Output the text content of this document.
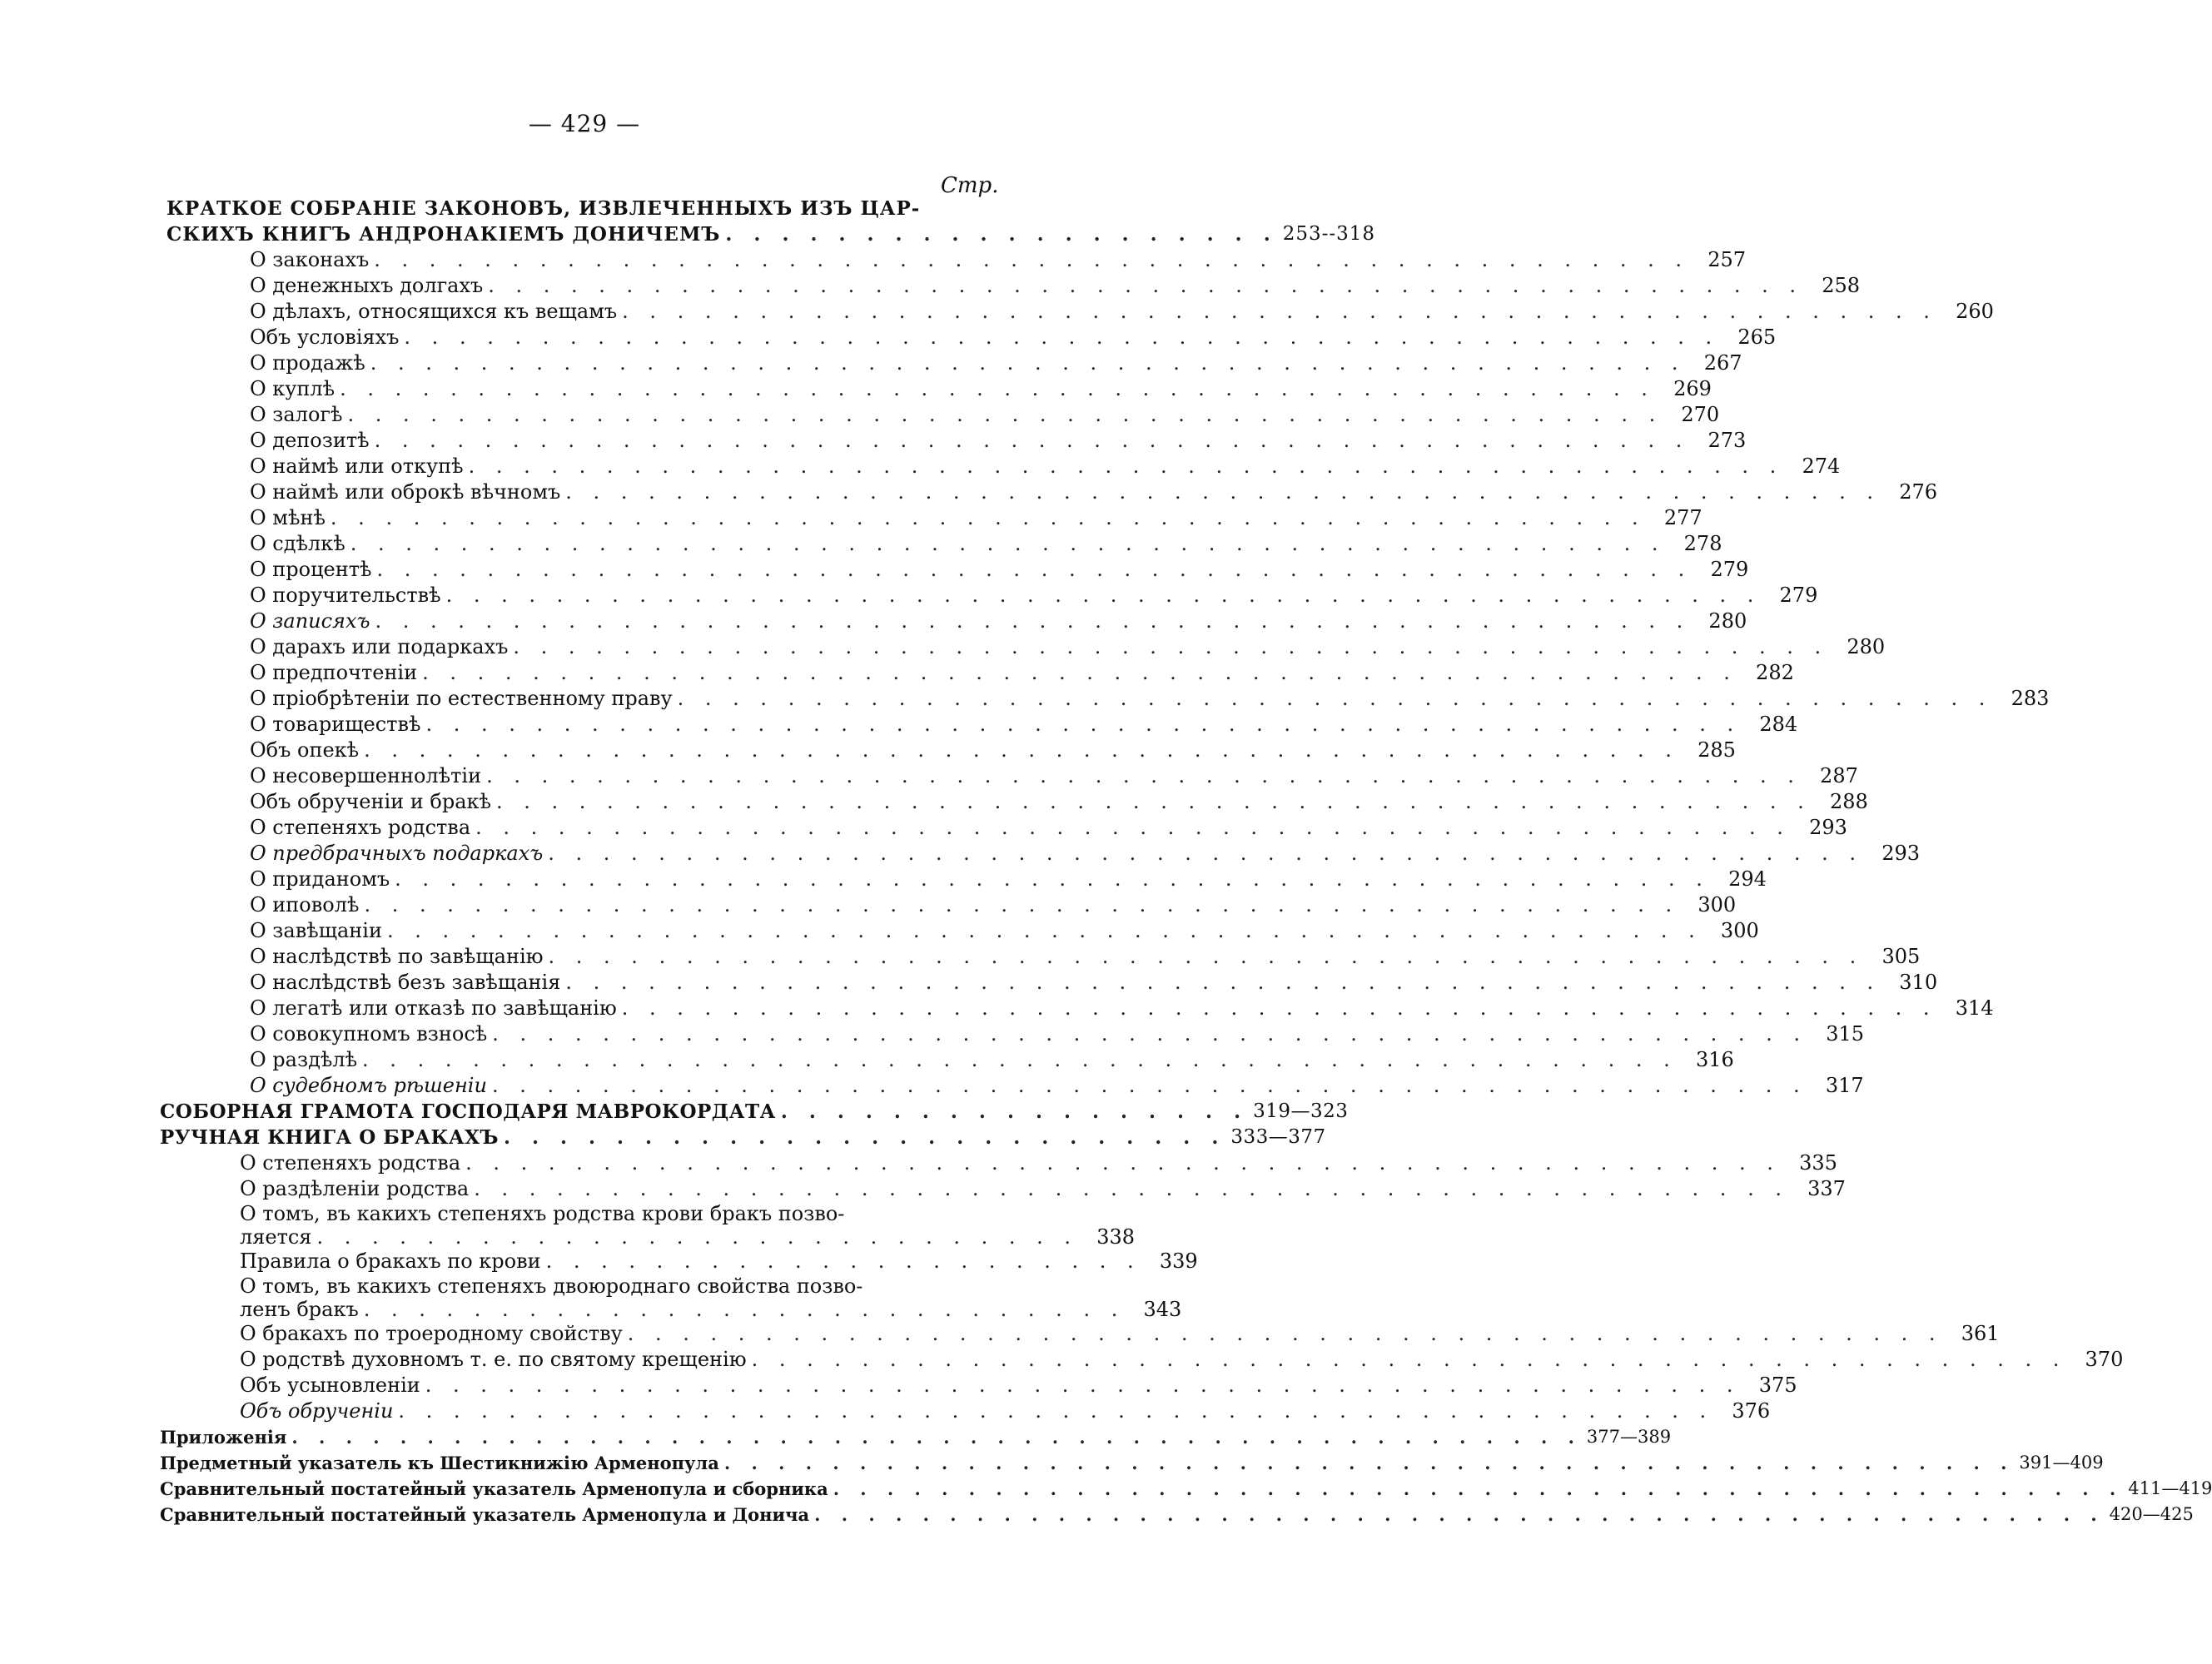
— 429 —
Стр.
КРАТКОЕ СОБРАНІЕ ЗАКОНОВЪ, ИЗВЛЕЧЕННЫХЪ ИЗЪ ЦАР-
СКИХЪ КНИГЪ АНДРОНАКІЕМЪ ДОНИЧЕМЪ . . . . . . . . . . . . . . . . . . . . 253--318
О законахъ . . . . . . . . . . . . . . . . . . . . . . . . . . . . . . . . . . . . . . . . . . . . . . . . 257
О денежныхъ долгахъ . . . . . . . . . . . . . . . . . . . . . . . . . . . . . . . . . . . . . . . . . . . . . . . . 258
О дѣлахъ, относящихся къ вещамъ . . . . . . . . . . . . . . . . . . . . . . . . . . . . . . . . . . . . . . . . . . . . . . . . 260
Объ условіяхъ . . . . . . . . . . . . . . . . . . . . . . . . . . . . . . . . . . . . . . . . . . . . . . . . 265
О продажѣ . . . . . . . . . . . . . . . . . . . . . . . . . . . . . . . . . . . . . . . . . . . . . . . . 267
О куплѣ . . . . . . . . . . . . . . . . . . . . . . . . . . . . . . . . . . . . . . . . . . . . . . . . 269
О залогѣ . . . . . . . . . . . . . . . . . . . . . . . . . . . . . . . . . . . . . . . . . . . . . . . . 270
О депозитѣ . . . . . . . . . . . . . . . . . . . . . . . . . . . . . . . . . . . . . . . . . . . . . . . . 273
О наймѣ или откупѣ . . . . . . . . . . . . . . . . . . . . . . . . . . . . . . . . . . . . . . . . . . . . . . . . 274
О наймѣ или оброкѣ вѣчномъ . . . . . . . . . . . . . . . . . . . . . . . . . . . . . . . . . . . . . . . . . . . . . . . . 276
О мѣнѣ . . . . . . . . . . . . . . . . . . . . . . . . . . . . . . . . . . . . . . . . . . . . . . . . 277
О сдѣлкѣ . . . . . . . . . . . . . . . . . . . . . . . . . . . . . . . . . . . . . . . . . . . . . . . . 278
О процентѣ . . . . . . . . . . . . . . . . . . . . . . . . . . . . . . . . . . . . . . . . . . . . . . . . 279
О поручительствѣ . . . . . . . . . . . . . . . . . . . . . . . . . . . . . . . . . . . . . . . . . . . . . . . . 279
О записяхъ . . . . . . . . . . . . . . . . . . . . . . . . . . . . . . . . . . . . . . . . . . . . . . . . 280
О дарахъ или подаркахъ . . . . . . . . . . . . . . . . . . . . . . . . . . . . . . . . . . . . . . . . . . . . . . . . 280
О предпочтеніи . . . . . . . . . . . . . . . . . . . . . . . . . . . . . . . . . . . . . . . . . . . . . . . . 282
О пріобрѣтеніи по естественному праву . . . . . . . . . . . . . . . . . . . . . . . . . . . . . . . . . . . . . . . . . . . . . . . . 283
О товариществѣ . . . . . . . . . . . . . . . . . . . . . . . . . . . . . . . . . . . . . . . . . . . . . . . . 284
Объ опекѣ . . . . . . . . . . . . . . . . . . . . . . . . . . . . . . . . . . . . . . . . . . . . . . . . 285
О несовершеннолѣтіи . . . . . . . . . . . . . . . . . . . . . . . . . . . . . . . . . . . . . . . . . . . . . . . . 287
Объ обрученіи и бракѣ . . . . . . . . . . . . . . . . . . . . . . . . . . . . . . . . . . . . . . . . . . . . . . . . 288
О степеняхъ родства . . . . . . . . . . . . . . . . . . . . . . . . . . . . . . . . . . . . . . . . . . . . . . . . 293
О предбрачныхъ подаркахъ . . . . . . . . . . . . . . . . . . . . . . . . . . . . . . . . . . . . . . . . . . . . . . . . 293
О приданомъ . . . . . . . . . . . . . . . . . . . . . . . . . . . . . . . . . . . . . . . . . . . . . . . . 294
О иповолѣ . . . . . . . . . . . . . . . . . . . . . . . . . . . . . . . . . . . . . . . . . . . . . . . . 300
О завѣщаніи . . . . . . . . . . . . . . . . . . . . . . . . . . . . . . . . . . . . . . . . . . . . . . . . 300
О наслѣдствѣ по завѣщанію . . . . . . . . . . . . . . . . . . . . . . . . . . . . . . . . . . . . . . . . . . . . . . . . 305
О наслѣдствѣ безъ завѣщанія . . . . . . . . . . . . . . . . . . . . . . . . . . . . . . . . . . . . . . . . . . . . . . . . 310
О легатѣ или отказѣ по завѣщанію . . . . . . . . . . . . . . . . . . . . . . . . . . . . . . . . . . . . . . . . . . . . . . . . 314
О совокупномъ взносѣ . . . . . . . . . . . . . . . . . . . . . . . . . . . . . . . . . . . . . . . . . . . . . . . . 315
О раздѣлѣ . . . . . . . . . . . . . . . . . . . . . . . . . . . . . . . . . . . . . . . . . . . . . . . . 316
О судебномъ рѣшеніи . . . . . . . . . . . . . . . . . . . . . . . . . . . . . . . . . . . . . . . . . . . . . . . . 317
СОБОРНАЯ ГРАМОТА ГОСПОДАРЯ МАВРОКОРДАТА . . . . . . . . . . . . . . . . . 319—323
РУЧНАЯ КНИГА О БРАКАХЪ . . . . . . . . . . . . . . . . . . . . . . . . . . 333—377
О степеняхъ родства . . . . . . . . . . . . . . . . . . . . . . . . . . . . . . . . . . . . . . . . . . . . . . . . 335
О раздѣленіи родства . . . . . . . . . . . . . . . . . . . . . . . . . . . . . . . . . . . . . . . . . . . . . . . . 337
О томъ, въ какихъ степеняхъ родства крови бракъ позво-
ляется . . . . . . . . . . . . . . . . . . . . . . . . . . . . 338
Правила о бракахъ по крови . . . . . . . . . . . . . . . . . . . . . . 339
О томъ, въ какихъ степеняхъ двоюроднаго свойства позво-
ленъ бракъ . . . . . . . . . . . . . . . . . . . . . . . . . . . . 343
О бракахъ по троеродному свойству . . . . . . . . . . . . . . . . . . . . . . . . . . . . . . . . . . . . . . . . . . . . . . . . 361
О родствѣ духовномъ т. е. по святому крещенію . . . . . . . . . . . . . . . . . . . . . . . . . . . . . . . . . . . . . . . . . . . . . . . . 370
Объ усыновленіи . . . . . . . . . . . . . . . . . . . . . . . . . . . . . . . . . . . . . . . . . . . . . . . . 375
Объ обрученіи . . . . . . . . . . . . . . . . . . . . . . . . . . . . . . . . . . . . . . . . . . . . . . . . 376
Приложенія . . . . . . . . . . . . . . . . . . . . . . . . . . . . . . . . . . . . . . . . . . . . . . . . 377—389
Предметный указатель къ Шестикнижію Арменопула . . . . . . . . . . . . . . . . . . . . . . . . . . . . . . . . . . . . . . . . . . . . . . . . 391—409
Сравнительный постатейный указатель Арменопула и сборника . . . . . . . . . . . . . . . . . . . . . . . . . . . . . . . . . . . . . . . . . . . . . . . . 411—419
Сравнительный постатейный указатель Арменопула и Донича . . . . . . . . . . . . . . . . . . . . . . . . . . . . . . . . . . . . . . . . . . . . . . . . 420—425
